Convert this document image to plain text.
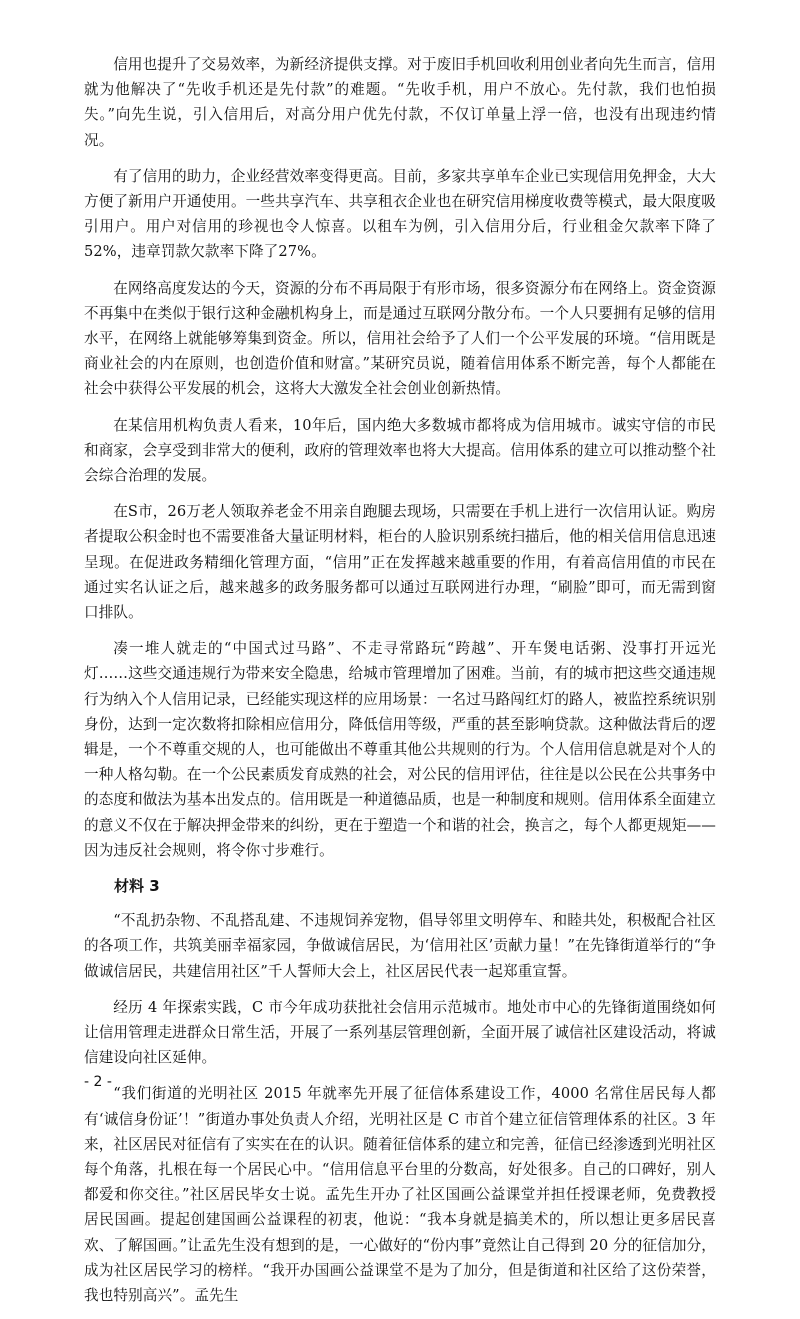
信用也提升了交易效率，为新经济提供支撑。对于废旧手机回收利用创业者向先生而言，信用就为他解决了“先收手机还是先付款”的难题。“先收手机，用户不放心。先付款，我们也怕损失。”向先生说，引入信用后，对高分用户优先付款，不仅订单量上浮一倍，也没有出现违约情况。

有了信用的助力，企业经营效率变得更高。目前，多家共享单车企业已实现信用免押金，大大方便了新用户开通使用。一些共享汽车、共享租衣企业也在研究信用梯度收费等模式，最大限度吸引用户。用户对信用的珍视也令人惊喜。以租车为例，引入信用分后，行业租金欠款率下降了52%，违章罚款欠款率下降了27%。

在网络高度发达的今天，资源的分布不再局限于有形市场，很多资源分布在网络上。资金资源不再集中在类似于银行这种金融机构身上，而是通过互联网分散分布。一个人只要拥有足够的信用水平，在网络上就能够筹集到资金。所以，信用社会给予了人们一个公平发展的环境。“信用既是商业社会的内在原则，也创造价值和财富。”某研究员说，随着信用体系不断完善，每个人都能在社会中获得公平发展的机会，这将大大激发全社会创业创新热情。

在某信用机构负责人看来，10年后，国内绝大多数城市都将成为信用城市。诚实守信的市民和商家，会享受到非常大的便利，政府的管理效率也将大大提高。信用体系的建立可以推动整个社会综合治理的发展。

在S市，26万老人领取养老金不用亲自跑腿去现场，只需要在手机上进行一次信用认证。购房者提取公积金时也不需要准备大量证明材料，柜台的人脸识别系统扫描后，他的相关信用信息迅速呈现。在促进政务精细化管理方面，“信用”正在发挥越来越重要的作用，有着高信用值的市民在通过实名认证之后，越来越多的政务服务都可以通过互联网进行办理，“刷脸”即可，而无需到窗口排队。

凑一堆人就走的“中国式过马路”、不走寻常路玩“跨越”、开车煲电话粥、没事打开远光灯……这些交通违规行为带来安全隐患，给城市管理增加了困难。当前，有的城市把这些交通违规行为纳入个人信用记录，已经能实现这样的应用场景：一名过马路闯红灯的路人，被监控系统识别身份，达到一定次数将扣除相应信用分，降低信用等级，严重的甚至影响贷款。这种做法背后的逻辑是，一个不尊重交规的人，也可能做出不尊重其他公共规则的行为。个人信用信息就是对个人的一种人格勾勒。在一个公民素质发育成熟的社会，对公民的信用评估，往往是以公民在公共事务中的态度和做法为基本出发点的。信用既是一种道德品质，也是一种制度和规则。信用体系全面建立的意义不仅在于解决押金带来的纠纷，更在于塑造一个和谐的社会，换言之，每个人都更规矩——因为违反社会规则，将令你寸步难行。

材料 3

“不乱扔杂物、不乱搭乱建、不违规饲养宠物，倡导邻里文明停车、和睦共处，积极配合社区的各项工作，共筑美丽幸福家园，争做诚信居民，为‘信用社区’贡献力量！”在先锋街道举行的“争做诚信居民，共建信用社区”千人誓师大会上，社区居民代表一起郑重宣誓。

经历 4 年探索实践，C 市今年成功获批社会信用示范城市。地处市中心的先锋街道围绕如何让信用管理走进群众日常生活，开展了一系列基层管理创新，全面开展了诚信社区建设活动，将诚信建设向社区延伸。

“我们街道的光明社区 2015 年就率先开展了征信体系建设工作，4000 名常住居民每人都有‘诚信身份证’！”街道办事处负责人介绍，光明社区是 C 市首个建立征信管理体系的社区。3 年来，社区居民对征信有了实实在在的认识。随着征信体系的建立和完善，征信已经渗透到光明社区每个角落，扎根在每一个居民心中。“信用信息平台里的分数高，好处很多。自己的口碑好，别人都爱和你交往。”社区居民毕女士说。孟先生开办了社区国画公益课堂并担任授课老师，免费教授居民国画。提起创建国画公益课程的初衷，他说：“我本身就是搞美术的，所以想让更多居民喜欢、了解国画。”让孟先生没有想到的是，一心做好的“份内事”竟然让自己得到 20 分的征信加分，成为社区居民学习的榜样。“我开办国画公益课堂不是为了加分，但是街道和社区给了这份荣誉，我也特别高兴”。孟先生

- 2 -
